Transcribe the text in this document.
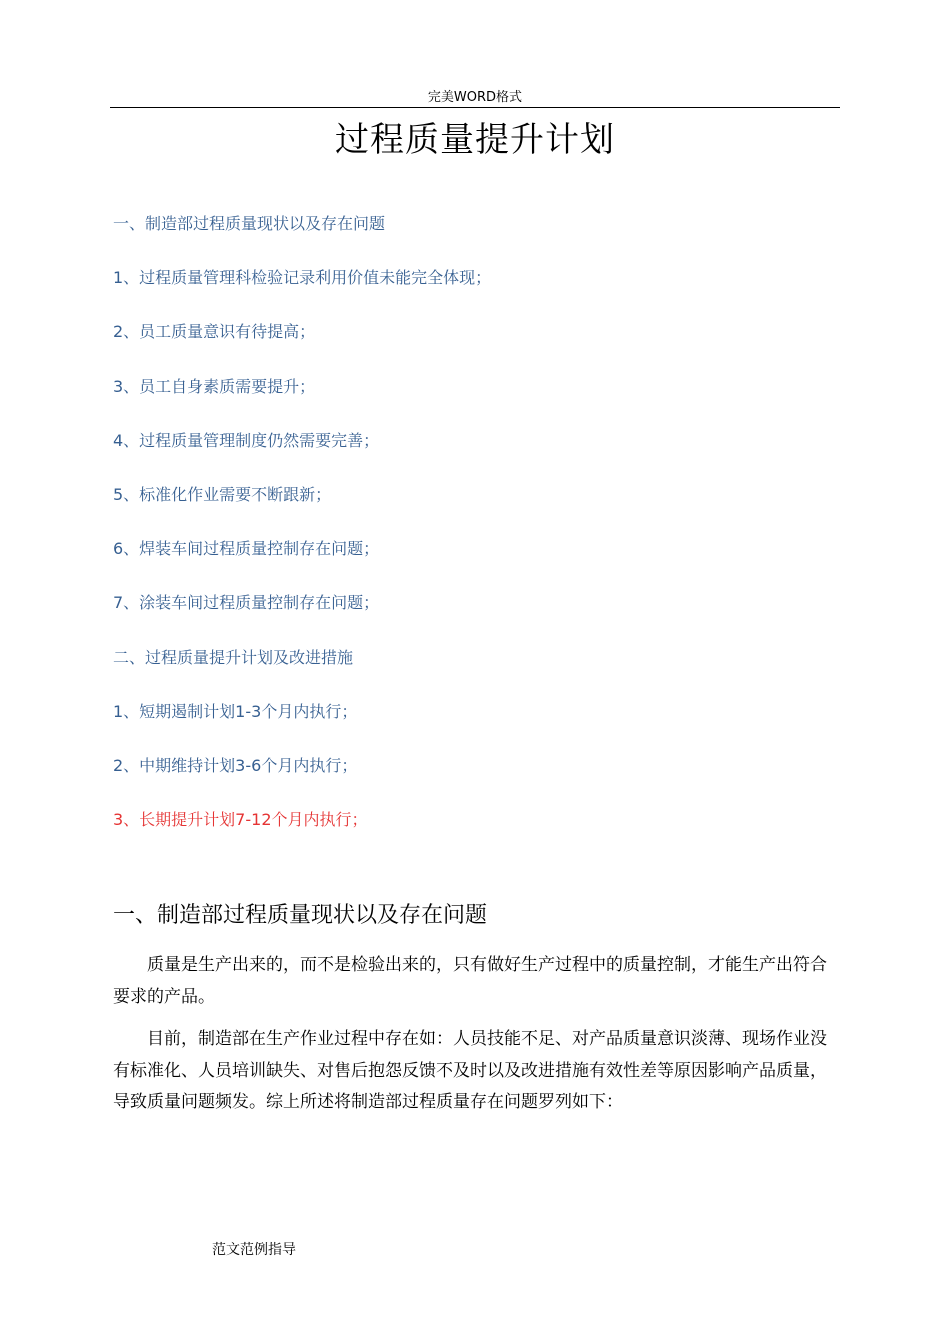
完美WORD格式
过程质量提升计划
一、制造部过程质量现状以及存在问题
1、过程质量管理科检验记录利用价值未能完全体现；
2、员工质量意识有待提高；
3、员工自身素质需要提升；
4、过程质量管理制度仍然需要完善；
5、标准化作业需要不断跟新；
6、焊装车间过程质量控制存在问题；
7、涂装车间过程质量控制存在问题；
二、过程质量提升计划及改进措施
1、短期遏制计划1-3个月内执行；
2、中期维持计划3-6个月内执行；
3、长期提升计划7-12个月内执行；
一、制造部过程质量现状以及存在问题

质量是生产出来的，而不是检验出来的，只有做好生产过程中的质量控制，才能生产出符合要求的产品。

目前，制造部在生产作业过程中存在如：人员技能不足、对产品质量意识淡薄、现场作业没有标准化、人员培训缺失、对售后抱怨反馈不及时以及改进措施有效性差等原因影响产品质量，导致质量问题频发。综上所述将制造部过程质量存在问题罗列如下：

范文范例指导
